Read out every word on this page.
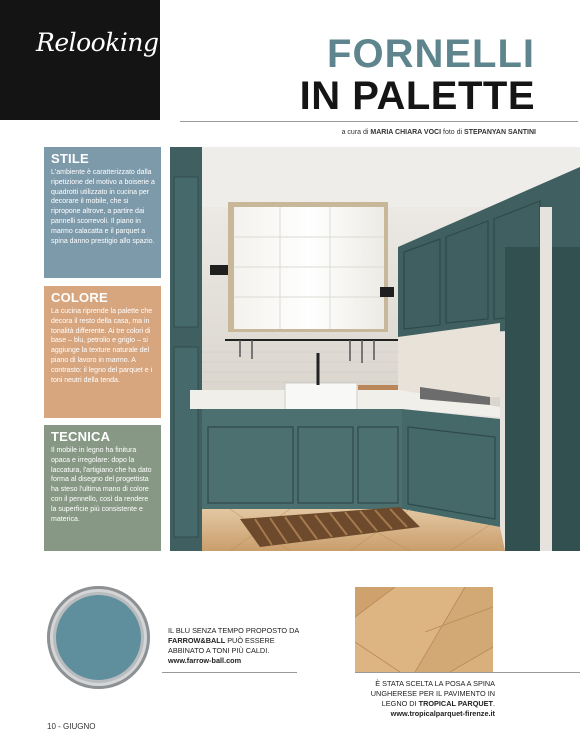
Relooking	FORNELLI
IN PALETTE
a cura di MARIA CHIARA VOCI foto di STEPANYAN SANTINI
STILE

L'ambiente è caratterizzato dalla ripetizione del motivo a boiserie a quadrotti utilizzato in cucina per decorare il mobile, che si ripropone altrove, a partire dai pannelli scorrevoli. Il piano in marmo calacatta e il parquet a spina danno prestigio allo spazio.

COLORE

La cucina riprende la palette che decora il resto della casa, ma in tonalità differente. Ai tre colori di base – blu, petrolio e grigio – si aggiunge la texture naturale del piano di lavoro in marmo. A contrasto: il legno del parquet e i toni neutri della tenda.

TECNICA

Il mobile in legno ha finitura opaca e irregolare: dopo la laccatura, l'artigiano che ha dato forma al disegno del progettista ha steso l'ultima mano di colore con il pennello, così da rendere la superficie più consistente e materica.

IL BLU SENZA TEMPO PROPOSTO DA FARROW&BALL PUÒ ESSERE ABBINATO A TONI PIÙ CALDI.
www.farrow-ball.com
È STATA SCELTA LA POSA A SPINA UNGHERESE PER IL PAVIMENTO IN LEGNO DI TROPICAL PARQUET.
www.tropicalparquet-firenze.it
10 - GIUGNO
